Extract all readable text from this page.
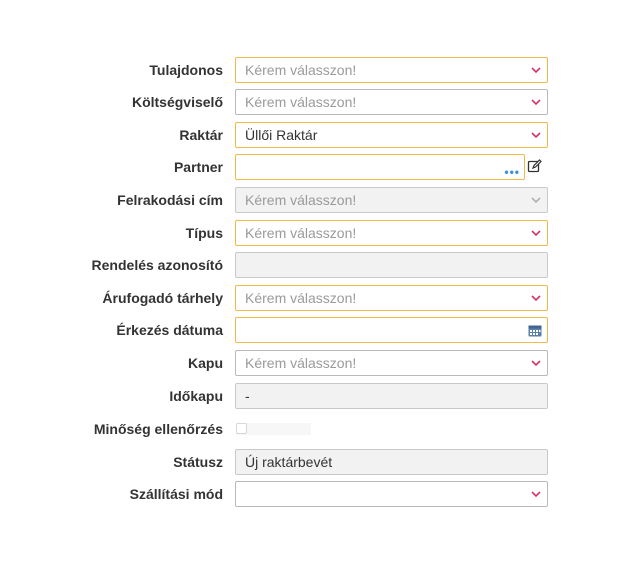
Tulajdonos Kérem válasszon!
Költségviselő Kérem válasszon!
Raktár Üllői Raktár
Partner	•••
Felrakodási cím Kérem válasszon!
Típus Kérem válasszon!
Rendelés azonosító
Árufogadó tárhely Kérem válasszon!
Érkezés dátuma
Kapu Kérem válasszon!
Időkapu -
Minőség ellenőrzés
Státusz Új raktárbevét
Szállítási mód
